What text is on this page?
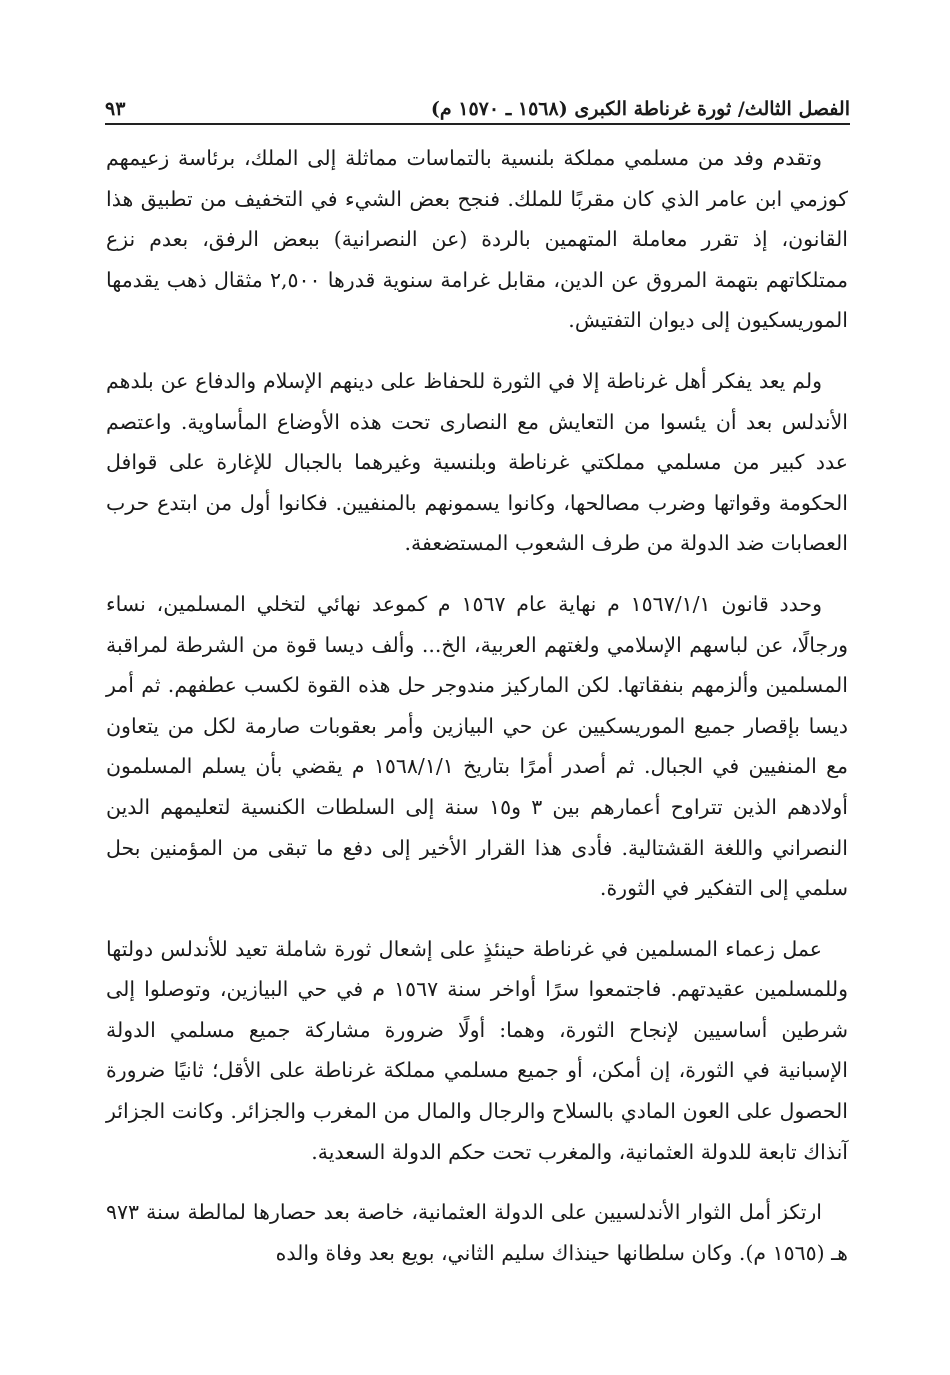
الفصل الثالث/ ثورة غرناطة الكبرى (١٥٦٨ ـ ١٥٧٠ م)
٩٣

وتقدم وفد من مسلمي مملكة بلنسية بالتماسات مماثلة إلى الملك، برئاسة زعيمهم كوزمي ابن عامر الذي كان مقربًا للملك. فنجح بعض الشيء في التخفيف من تطبيق هذا القانون، إذ تقرر معاملة المتهمين بالردة (عن النصرانية) ببعض الرفق، بعدم نزع ممتلكاتهم بتهمة المروق عن الدين، مقابل غرامة سنوية قدرها ٢,٥٠٠ مثقال ذهب يقدمها الموريسكيون إلى ديوان التفتيش.

ولم يعد يفكر أهل غرناطة إلا في الثورة للحفاظ على دينهم الإسلام والدفاع عن بلدهم الأندلس بعد أن يئسوا من التعايش مع النصارى تحت هذه الأوضاع المأساوية. واعتصم عدد كبير من مسلمي مملكتي غرناطة وبلنسية وغيرهما بالجبال للإغارة على قوافل الحكومة وقواتها وضرب مصالحها، وكانوا يسمونهم بالمنفيين. فكانوا أول من ابتدع حرب العصابات ضد الدولة من طرف الشعوب المستضعفة.

وحدد قانون ١٥٦٧/١/١ م نهاية عام ١٥٦٧ م كموعد نهائي لتخلي المسلمين، نساء ورجالًا، عن لباسهم الإسلامي ولغتهم العربية، الخ... وألف ديسا قوة من الشرطة لمراقبة المسلمين وألزمهم بنفقاتها. لكن الماركيز مندوجر حل هذه القوة لكسب عطفهم. ثم أمر ديسا بإقصار جميع الموريسكيين عن حي البيازين وأمر بعقوبات صارمة لكل من يتعاون مع المنفيين في الجبال. ثم أصدر أمرًا بتاريخ ١٥٦٨/١/١ م يقضي بأن يسلم المسلمون أولادهم الذين تتراوح أعمارهم بين ٣ و١٥ سنة إلى السلطات الكنسية لتعليمهم الدين النصراني واللغة القشتالية. فأدى هذا القرار الأخير إلى دفع ما تبقى من المؤمنين بحل سلمي إلى التفكير في الثورة.

عمل زعماء المسلمين في غرناطة حينئذٍ على إشعال ثورة شاملة تعيد للأندلس دولتها وللمسلمين عقيدتهم. فاجتمعوا سرًا أواخر سنة ١٥٦٧ م في حي البيازين، وتوصلوا إلى شرطين أساسيين لإنجاح الثورة، وهما: أولًا ضرورة مشاركة جميع مسلمي الدولة الإسبانية في الثورة، إن أمكن، أو جميع مسلمي مملكة غرناطة على الأقل؛ ثانيًا ضرورة الحصول على العون المادي بالسلاح والرجال والمال من المغرب والجزائر. وكانت الجزائر آنذاك تابعة للدولة العثمانية، والمغرب تحت حكم الدولة السعدية.

ارتكز أمل الثوار الأندلسيين على الدولة العثمانية، خاصة بعد حصارها لمالطة سنة ٩٧٣ هـ (١٥٦٥ م). وكان سلطانها حينذاك سليم الثاني، بويع بعد وفاة والده
